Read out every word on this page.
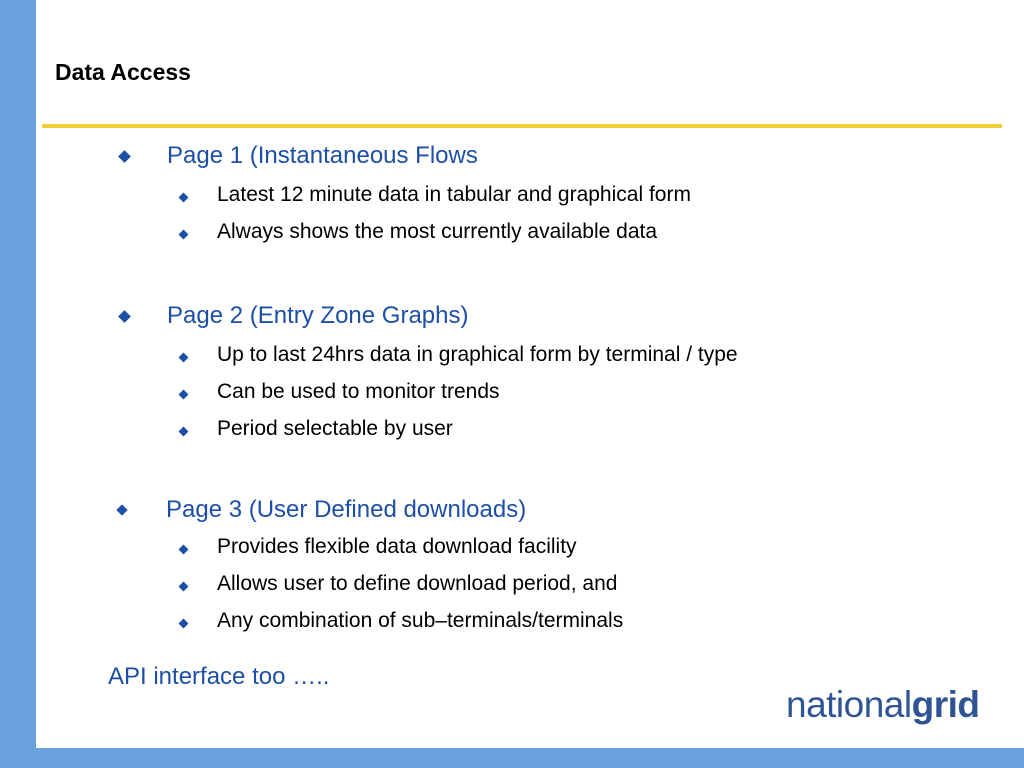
Data Access
Page 1 (Instantaneous Flows
Latest 12 minute data in tabular and graphical form
Always shows the most currently available data
Page 2 (Entry Zone Graphs)
Up to last 24hrs data in graphical form by terminal / type
Can be used to monitor trends
Period selectable by user
Page 3 (User Defined downloads)
Provides flexible data download facility
Allows user to define download period, and
Any combination of sub–terminals/terminals
API interface too …..
nationalgrid
